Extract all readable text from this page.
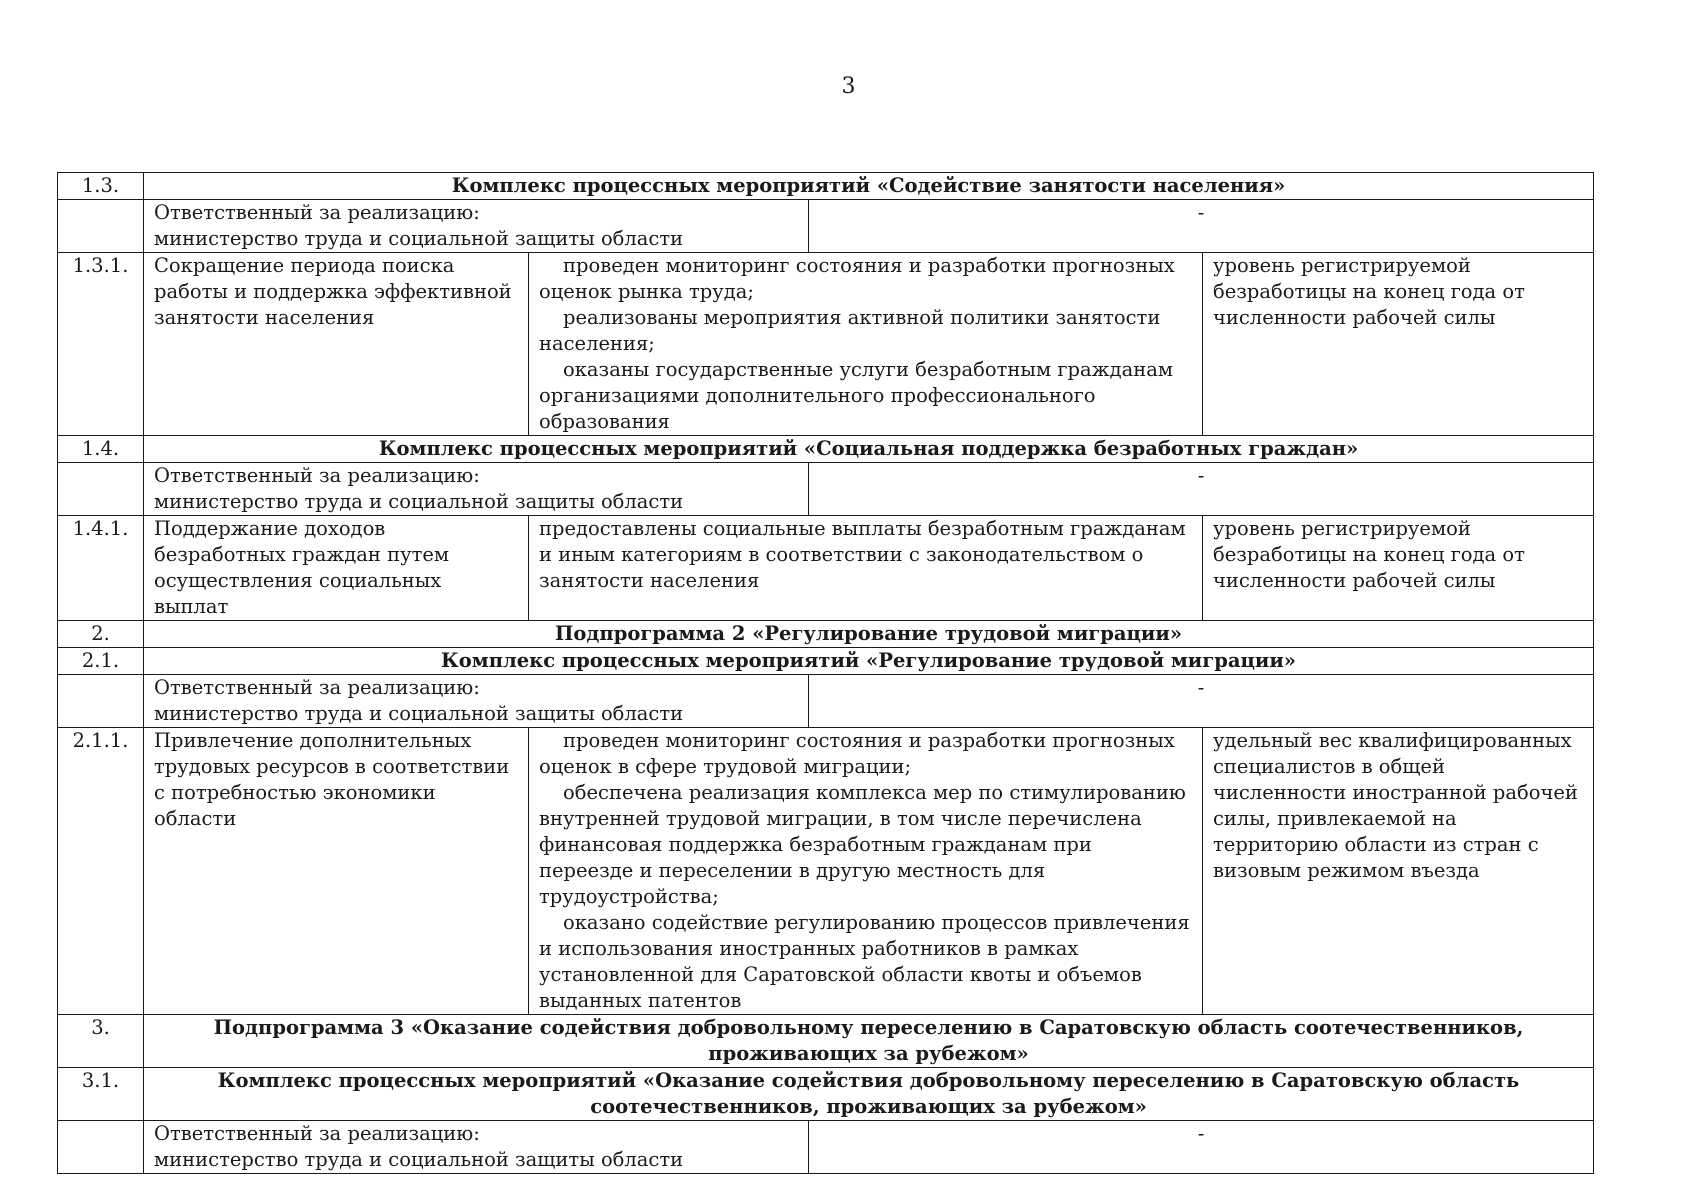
3
1.3.	Комплекс процессных мероприятий «Содействие занятости населения»			

	Ответственный за реализацию:
министерство труда и социальной защиты области		-	
1.3.1.	Сокращение периода поиска работы и поддержка эффективной занятости населения	проведен мониторинг состояния и разработки прогнозных оценок рынка труда;
реализованы мероприятия активной политики занятости населения;
оказаны государственные услуги безработным гражданам организациями дополнительного профессионального образования		уровень регистрируемой безработицы на конец года от численности рабочей силы
1.4.	Комплекс процессных мероприятий «Социальная поддержка безработных граждан»			

	Ответственный за реализацию:
министерство труда и социальной защиты области		-	
1.4.1.	Поддержание доходов безработных граждан путем осуществления социальных выплат	предоставлены социальные выплаты безработным гражданам и иным категориям в соответствии с законодательством о занятости населения		уровень регистрируемой безработицы на конец года от численности рабочей силы
2.	Подпрограмма 2 «Регулирование трудовой миграции»			
2.1.	Комплекс процессных мероприятий «Регулирование трудовой миграции»			

	Ответственный за реализацию:
министерство труда и социальной защиты области		-	
2.1.1.	Привлечение дополнительных трудовых ресурсов в соответствии с потребностью экономики области	проведен мониторинг состояния и разработки прогнозных оценок в сфере трудовой миграции;
обеспечена реализация комплекса мер по стимулированию внутренней трудовой миграции, в том числе перечислена финансовая поддержка безработным гражданам при переезде и переселении в другую местность для трудоустройства;
оказано содействие регулированию процессов привлечения и использования иностранных работников в рамках установленной для Саратовской области квоты и объемов выданных патентов		удельный вес квалифицированных специалистов в общей численности иностранной рабочей силы, привлекаемой на территорию области из стран с визовым режимом въезда
3.	Подпрограмма 3 «Оказание содействия добровольному переселению в Саратовскую область соотечественников,
проживающих за рубежом»			

3.1.	Комплекс процессных мероприятий «Оказание содействия добровольному переселению в Саратовскую область
соотечественников, проживающих за рубежом»			

	Ответственный за реализацию:
министерство труда и социальной защиты области		-	
